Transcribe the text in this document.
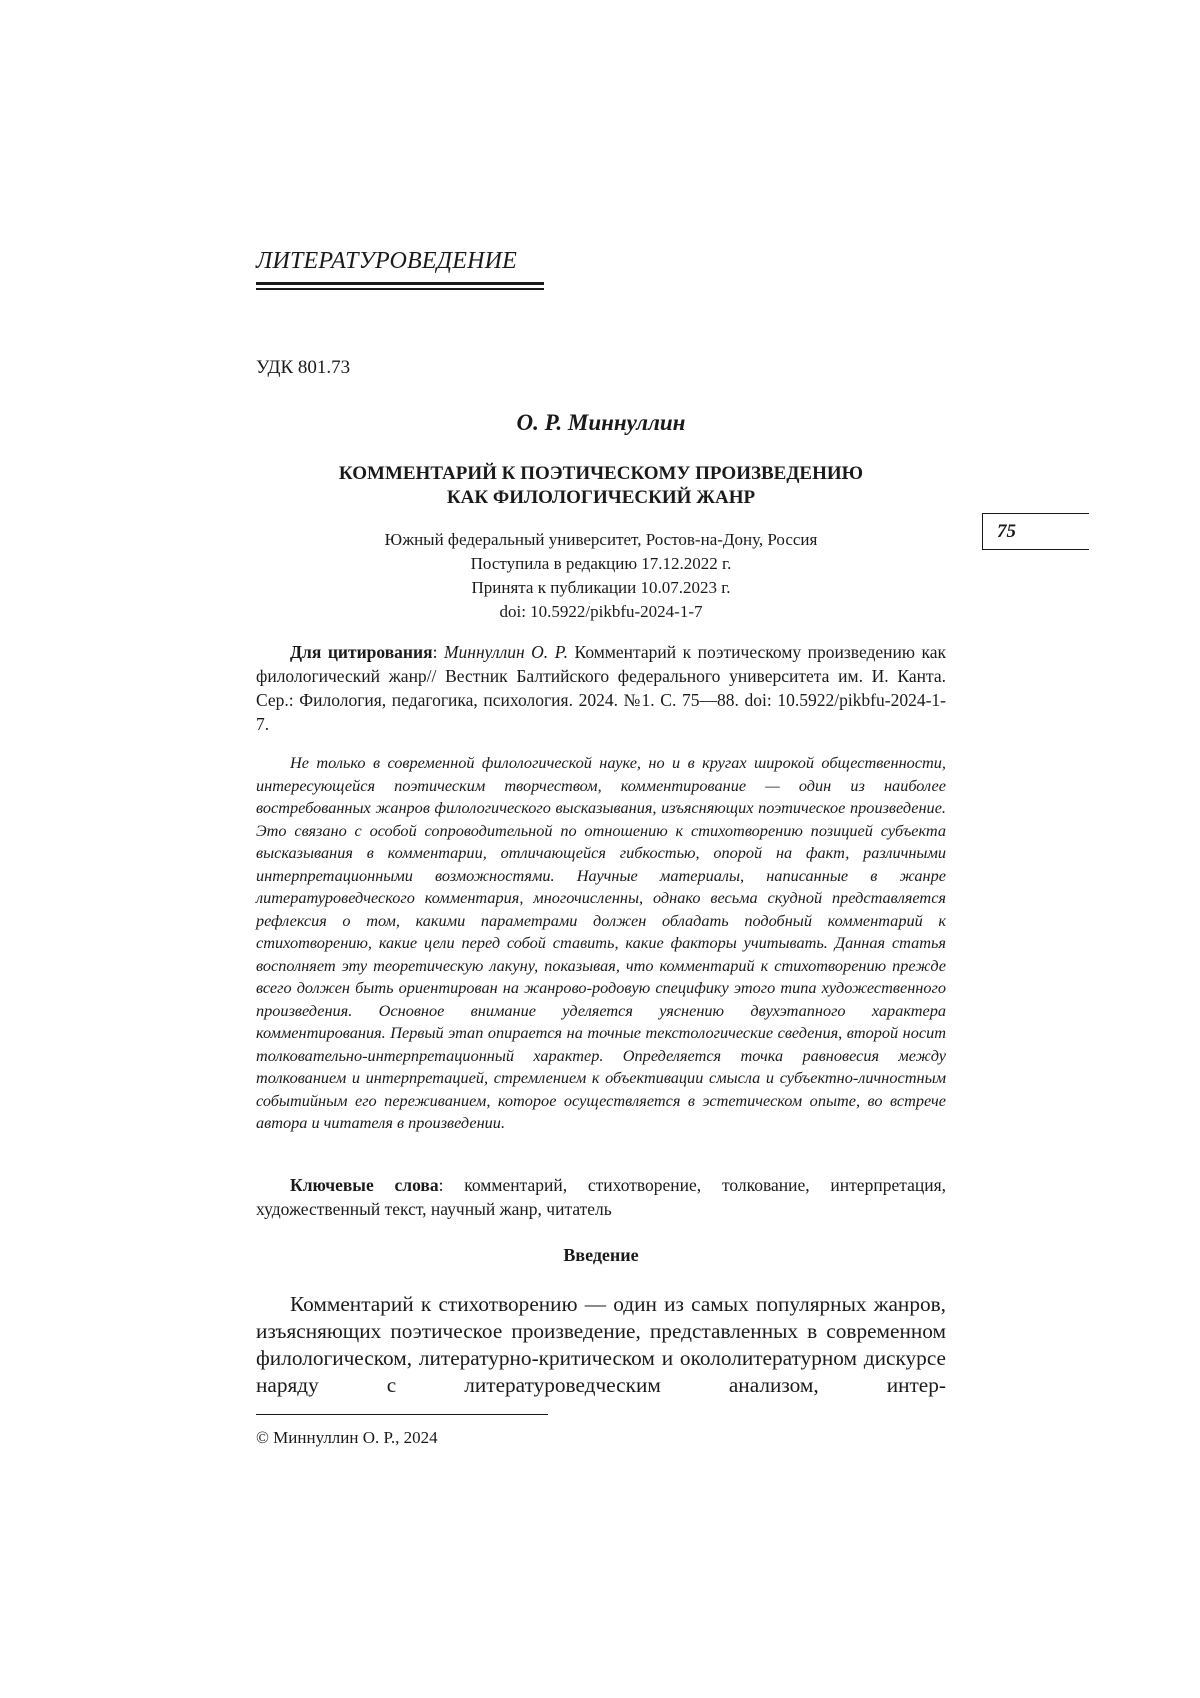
ЛИТЕРАТУРОВЕДЕНИЕ
УДК 801.73
О. Р. Миннуллин
КОММЕНТАРИЙ К ПОЭТИЧЕСКОМУ ПРОИЗВЕДЕНИЮ
КАК ФИЛОЛОГИЧЕСКИЙ ЖАНР
Южный федеральный университет, Ростов-на-Дону, Россия
Поступила в редакцию 17.12.2022 г.
Принята к публикации 10.07.2023 г.
doi: 10.5922/pikbfu-2024-1-7
75

Для цитирования: Миннуллин О. Р. Комментарий к поэтическому произведению как филологический жанр// Вестник Балтийского федерального университета им. И. Канта. Сер.: Филология, педагогика, психология. 2024. №1. С. 75—88. doi: 10.5922/pikbfu-2024-1-7.

Не только в современной филологической науке, но и в кругах широкой общественности, интересующейся поэтическим творчеством, комментирование — один из наиболее востребованных жанров филологического высказывания, изъясняющих поэтическое произведение. Это связано с особой сопроводительной по отношению к стихотворению позицией субъекта высказывания в комментарии, отличающейся гибкостью, опорой на факт, различными интерпретационными возможностями. Научные материалы, написанные в жанре литературоведческого комментария, многочисленны, однако весьма скудной представляется рефлексия о том, какими параметрами должен обладать подобный комментарий к стихотворению, какие цели перед собой ставить, какие факторы учитывать. Данная статья восполняет эту теоретическую лакуну, показывая, что комментарий к стихотворению прежде всего должен быть ориентирован на жанрово-родовую специфику этого типа художественного произведения. Основное внимание уделяется уяснению двухэтапного характера комментирования. Первый этап опирается на точные текстологические сведения, второй носит толковательно-интерпретационный характер. Определяется точка равновесия между толкованием и интерпретацией, стремлением к объективации смысла и субъектно-личностным событийным его переживанием, которое осуществляется в эстетическом опыте, во встрече автора и читателя в произведении.

Ключевые слова: комментарий, стихотворение, толкование, интерпретация, художественный текст, научный жанр, читатель

Введение

Комментарий к стихотворению — один из самых популярных жанров, изъясняющих поэтическое произведение, представленных в современном филологическом, литературно-критическом и окололитературном дискурсе наряду с литературоведческим анализом, интер-

© Миннуллин О. Р., 2024
